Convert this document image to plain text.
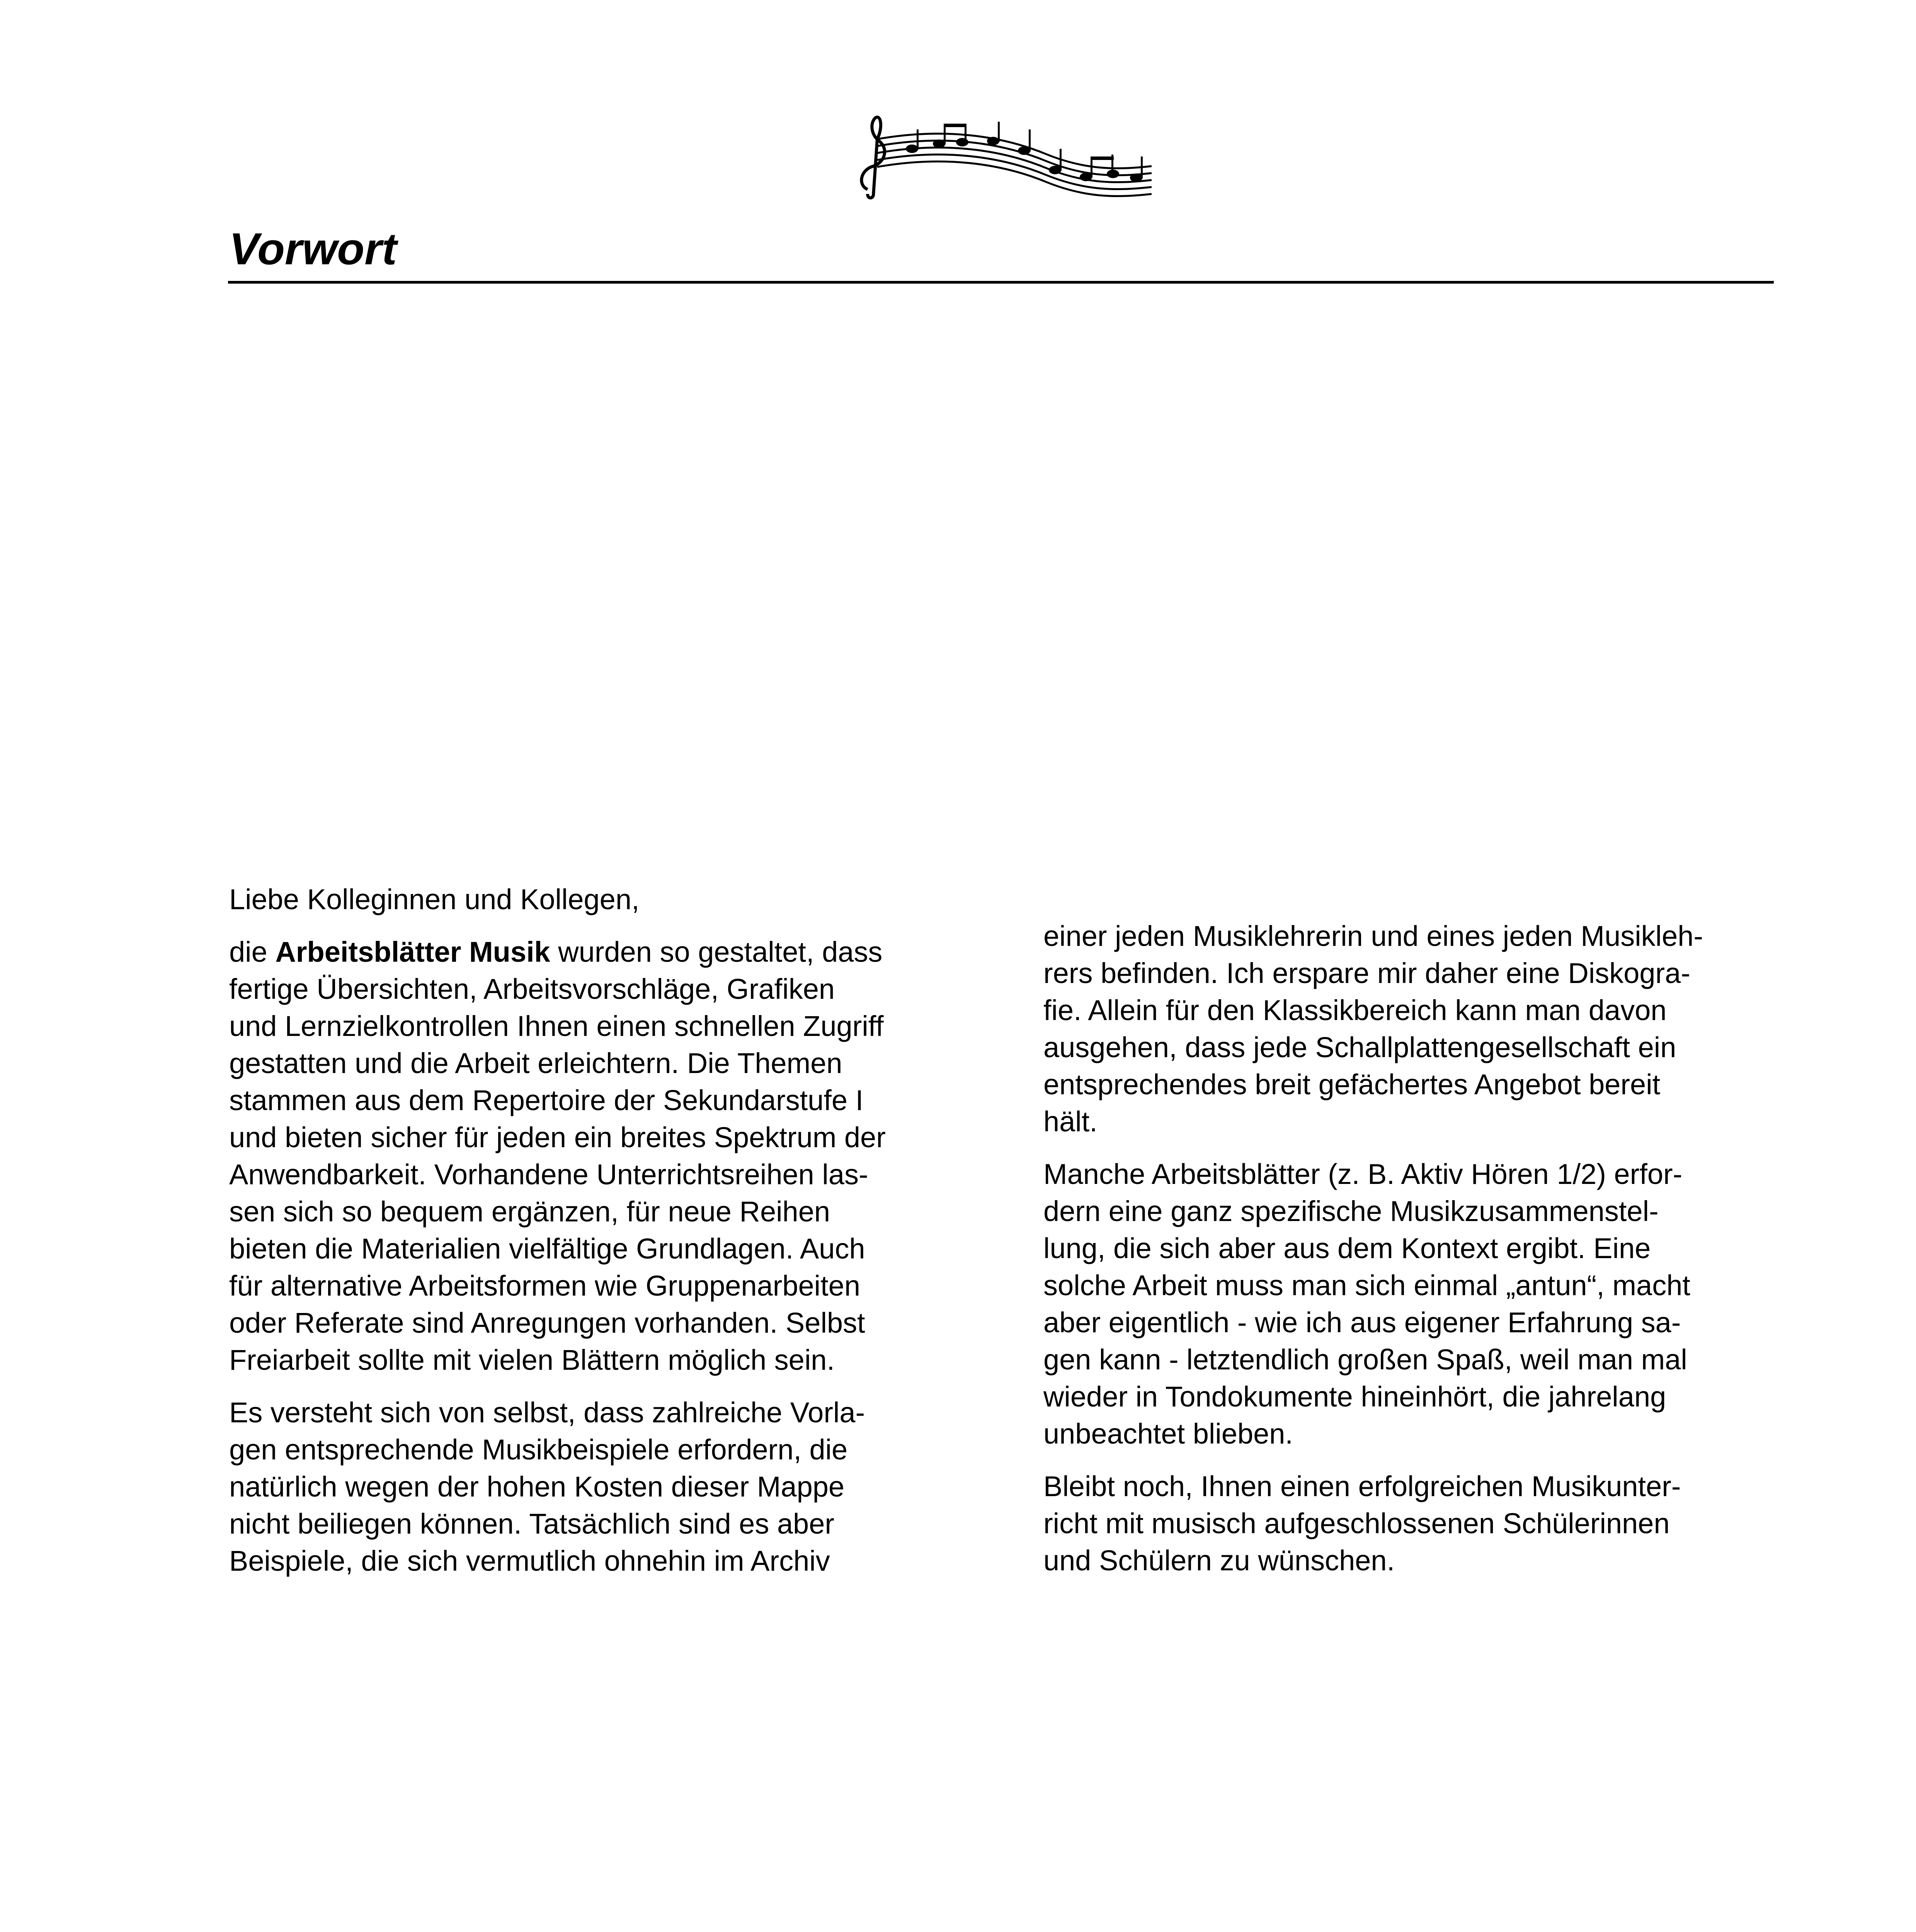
Vorwort

Liebe Kolleginnen und Kollegen,

die Arbeitsblätter Musik wurden so gestaltet, dass
fertige Übersichten, Arbeitsvorschläge, Grafiken
und Lernzielkontrollen Ihnen einen schnellen Zugriff
gestatten und die Arbeit erleichtern. Die Themen
stammen aus dem Repertoire der Sekundarstufe I
und bieten sicher für jeden ein breites Spektrum der
Anwendbarkeit. Vorhandene Unterrichtsreihen las-
sen sich so bequem ergänzen, für neue Reihen
bieten die Materialien vielfältige Grundlagen. Auch
für alternative Arbeitsformen wie Gruppenarbeiten
oder Referate sind Anregungen vorhanden. Selbst
Freiarbeit sollte mit vielen Blättern möglich sein.

Es versteht sich von selbst, dass zahlreiche Vorla-
gen entsprechende Musikbeispiele erfordern, die
natürlich wegen der hohen Kosten dieser Mappe
nicht beiliegen können. Tatsächlich sind es aber
Beispiele, die sich vermutlich ohnehin im Archiv

einer jeden Musiklehrerin und eines jeden Musikleh-
rers befinden. Ich erspare mir daher eine Diskogra-
fie. Allein für den Klassikbereich kann man davon
ausgehen, dass jede Schallplattengesellschaft ein
entsprechendes breit gefächertes Angebot bereit
hält.

Manche Arbeitsblätter (z. B. Aktiv Hören 1/2) erfor-
dern eine ganz spezifische Musikzusammenstel-
lung, die sich aber aus dem Kontext ergibt. Eine
solche Arbeit muss man sich einmal „antun“, macht
aber eigentlich - wie ich aus eigener Erfahrung sa-
gen kann - letztendlich großen Spaß, weil man mal
wieder in Tondokumente hineinhört, die jahrelang
unbeachtet blieben.

Bleibt noch, Ihnen einen erfolgreichen Musikunter-
richt mit musisch aufgeschlossenen Schülerinnen
und Schülern zu wünschen.
